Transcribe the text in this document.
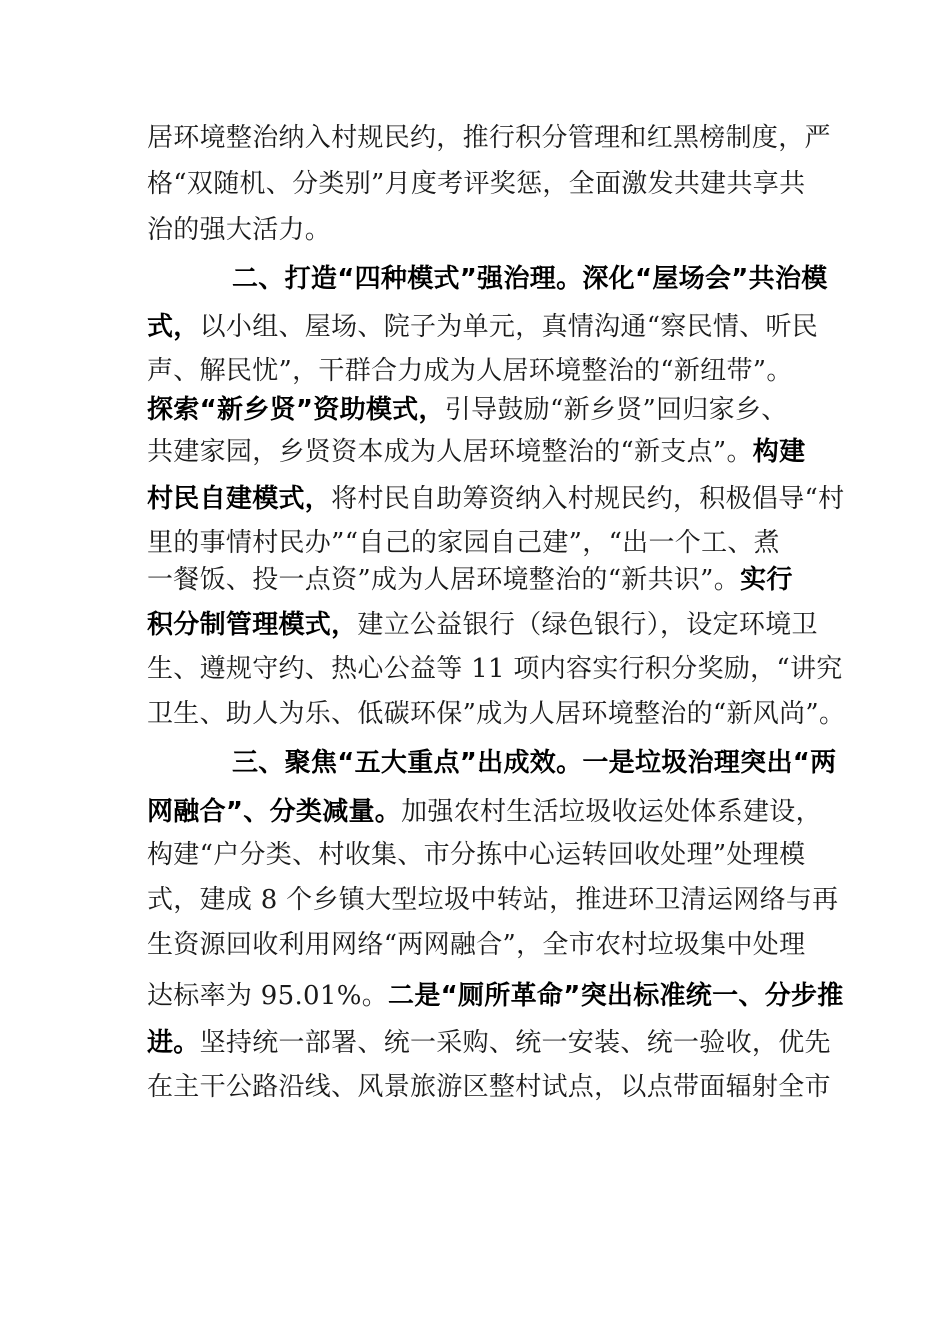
居环境整治纳入村规民约，推行积分管理和红黑榜制度，严
格“双随机、分类别”月度考评奖惩，全面激发共建共享共
治的强大活力。
二、打造“四种模式”强治理。深化“屋场会”共治模
式，以小组、屋场、院子为单元，真情沟通“察民情、听民
声、解民忧”，干群合力成为人居环境整治的“新纽带”。
探索“新乡贤”资助模式，引导鼓励“新乡贤”回归家乡、
共建家园，乡贤资本成为人居环境整治的“新支点”。构建
村民自建模式，将村民自助筹资纳入村规民约，积极倡导“村
里的事情村民办”“自己的家园自己建”，“出一个工、煮
一餐饭、投一点资”成为人居环境整治的“新共识”。实行
积分制管理模式，建立公益银行（绿色银行），设定环境卫
生、遵规守约、热心公益等 11 项内容实行积分奖励，“讲究
卫生、助人为乐、低碳环保”成为人居环境整治的“新风尚”。
三、聚焦“五大重点”出成效。一是垃圾治理突出“两
网融合”、分类减量。加强农村生活垃圾收运处体系建设，
构建“户分类、村收集、市分拣中心运转回收处理”处理模
式，建成 8 个乡镇大型垃圾中转站，推进环卫清运网络与再
生资源回收利用网络“两网融合”，全市农村垃圾集中处理
达标率为 95.01%。二是“厕所革命”突出标准统一、分步推
进。坚持统一部署、统一采购、统一安装、统一验收，优先
在主干公路沿线、风景旅游区整村试点，以点带面辐射全市
